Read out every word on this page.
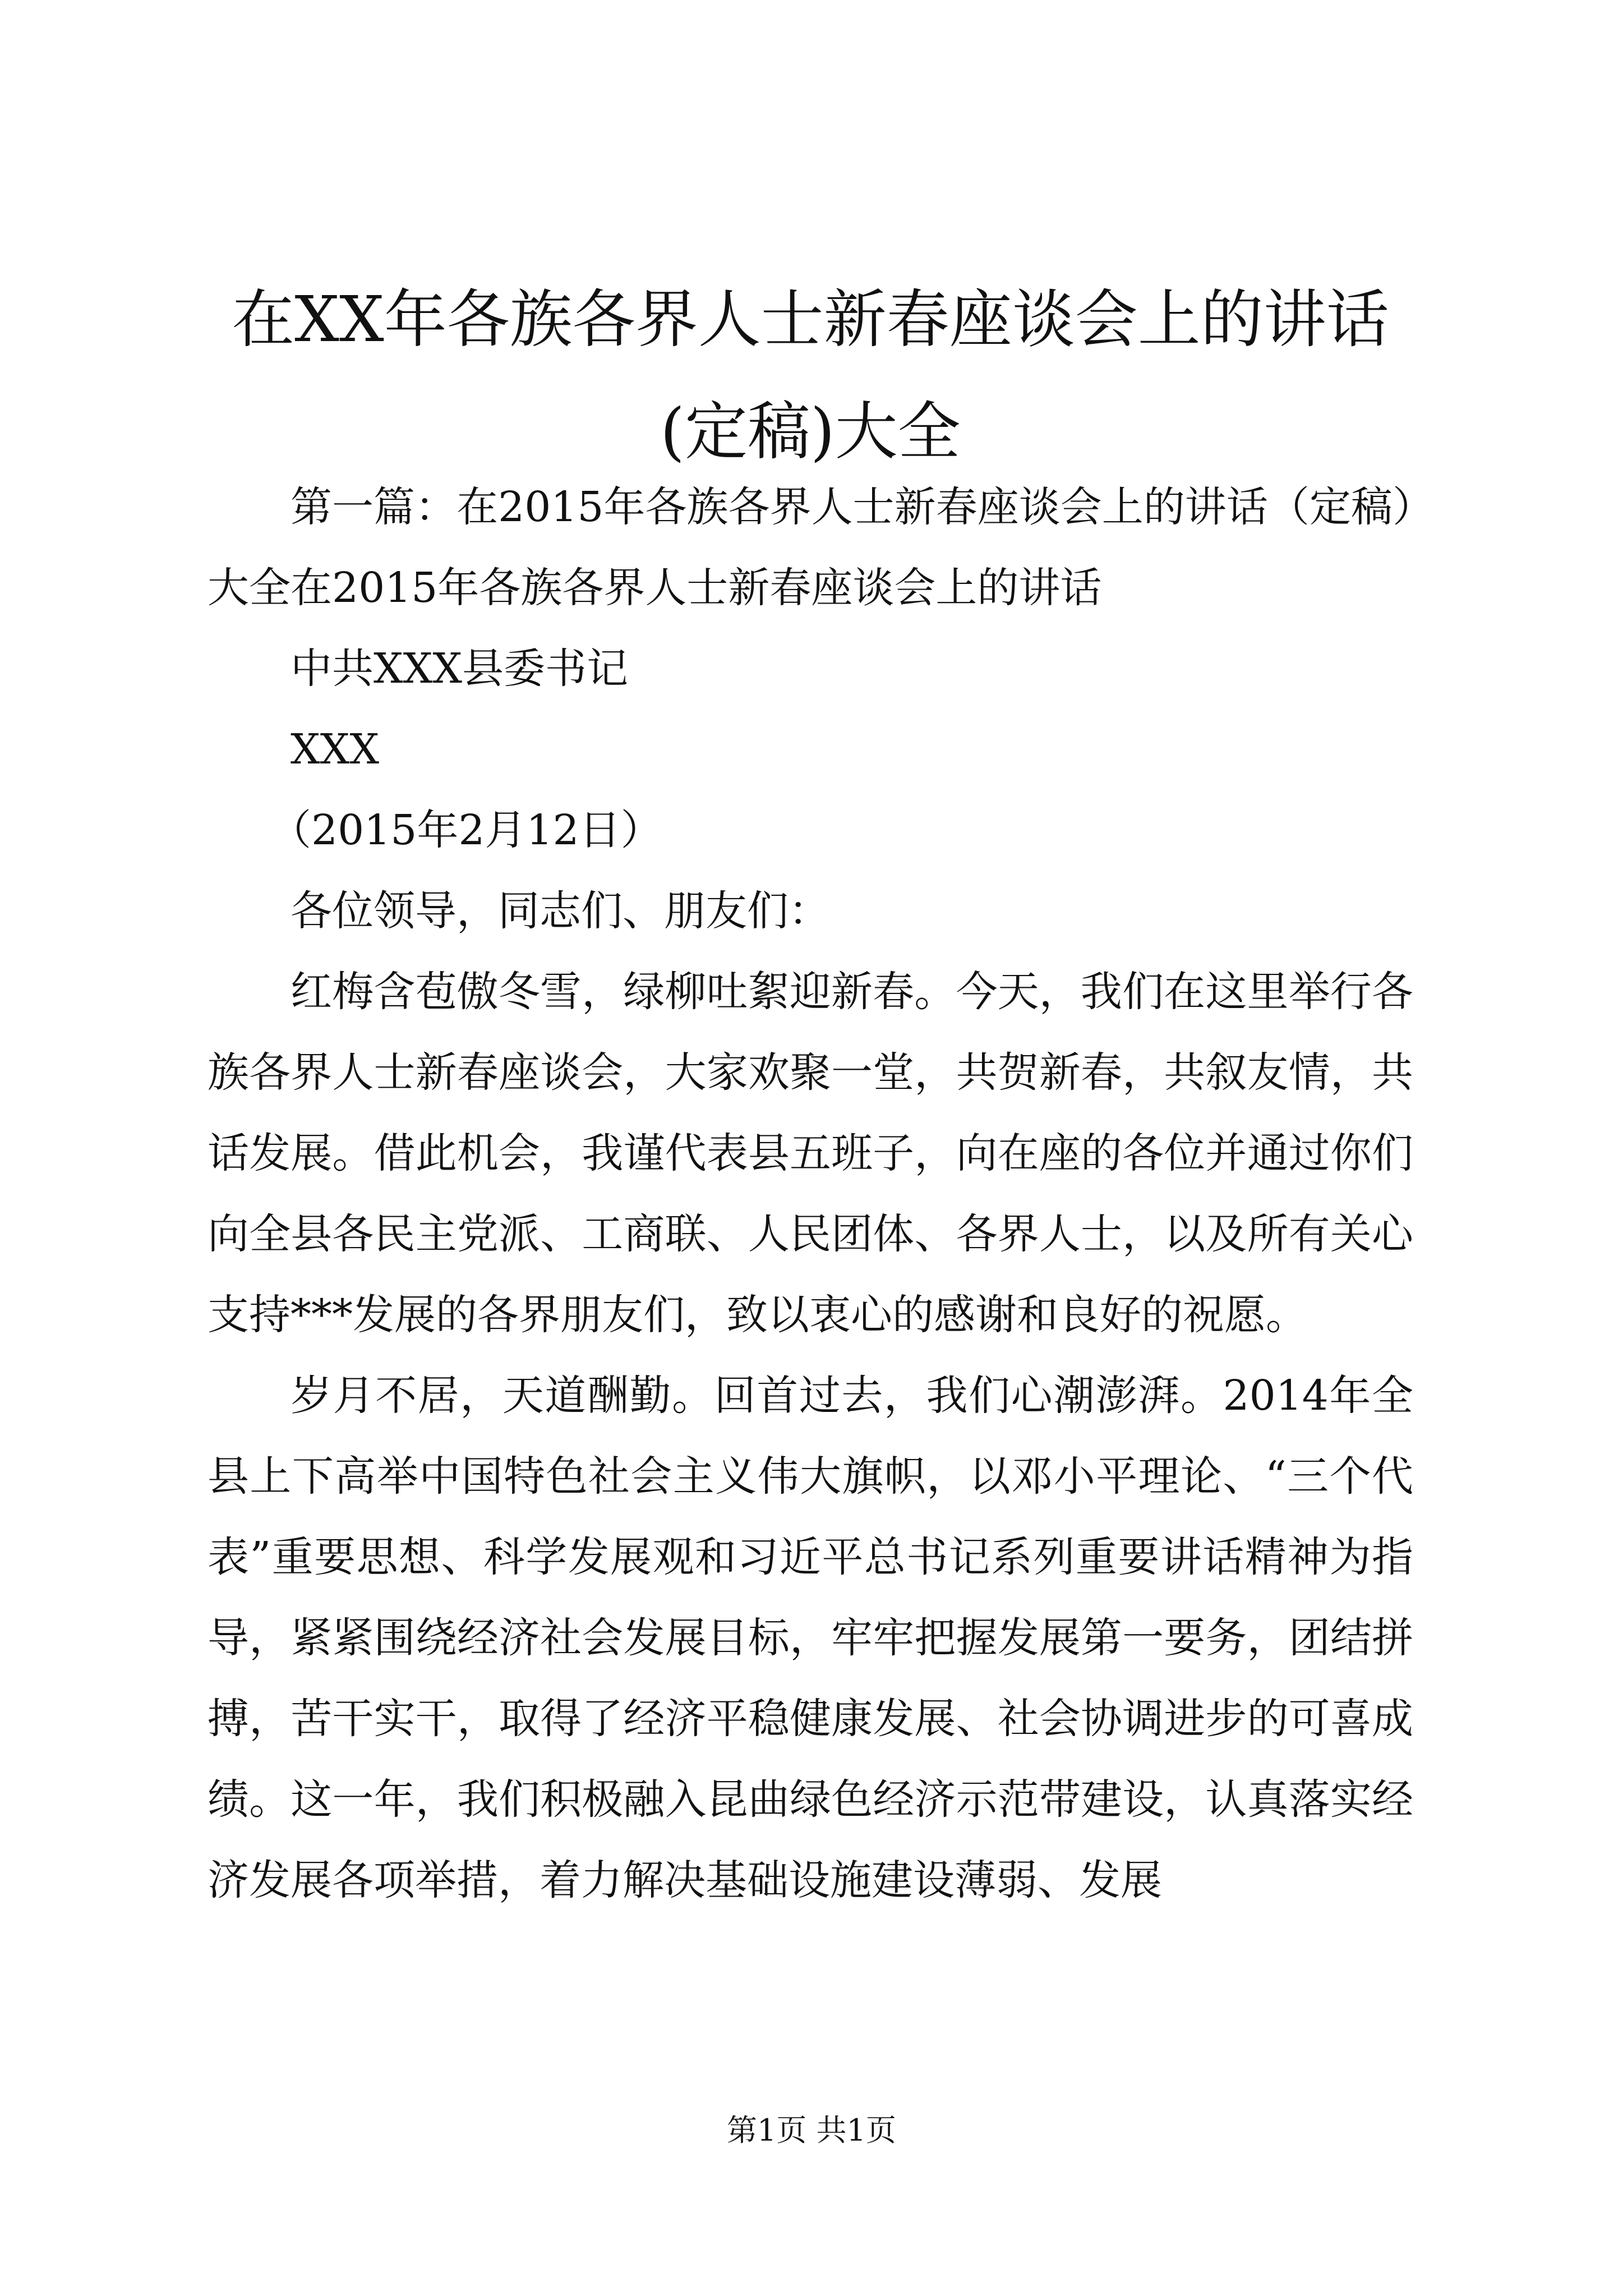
在XX年各族各界人士新春座谈会上的讲话(定稿)大全

第一篇：在2015年各族各界人士新春座谈会上的讲话（定稿）大全在2015年各族各界人士新春座谈会上的讲话

中共XXX县委书记

XXX

（2015年2月12日）

各位领导，同志们、朋友们：

红梅含苞傲冬雪，绿柳吐絮迎新春。今天，我们在这里举行各族各界人士新春座谈会，大家欢聚一堂，共贺新春，共叙友情，共话发展。借此机会，我谨代表县五班子，向在座的各位并通过你们向全县各民主党派、工商联、人民团体、各界人士，以及所有关心支持***发展的各界朋友们，致以衷心的感谢和良好的祝愿。

岁月不居，天道酬勤。回首过去，我们心潮澎湃。2014年全县上下高举中国特色社会主义伟大旗帜，以邓小平理论、“三个代表”重要思想、科学发展观和习近平总书记系列重要讲话精神为指导，紧紧围绕经济社会发展目标，牢牢把握发展第一要务，团结拼搏，苦干实干，取得了经济平稳健康发展、社会协调进步的可喜成绩。这一年，我们积极融入昆曲绿色经济示范带建设，认真落实经济发展各项举措，着力解决基础设施建设薄弱、发展

第1页 共1页
